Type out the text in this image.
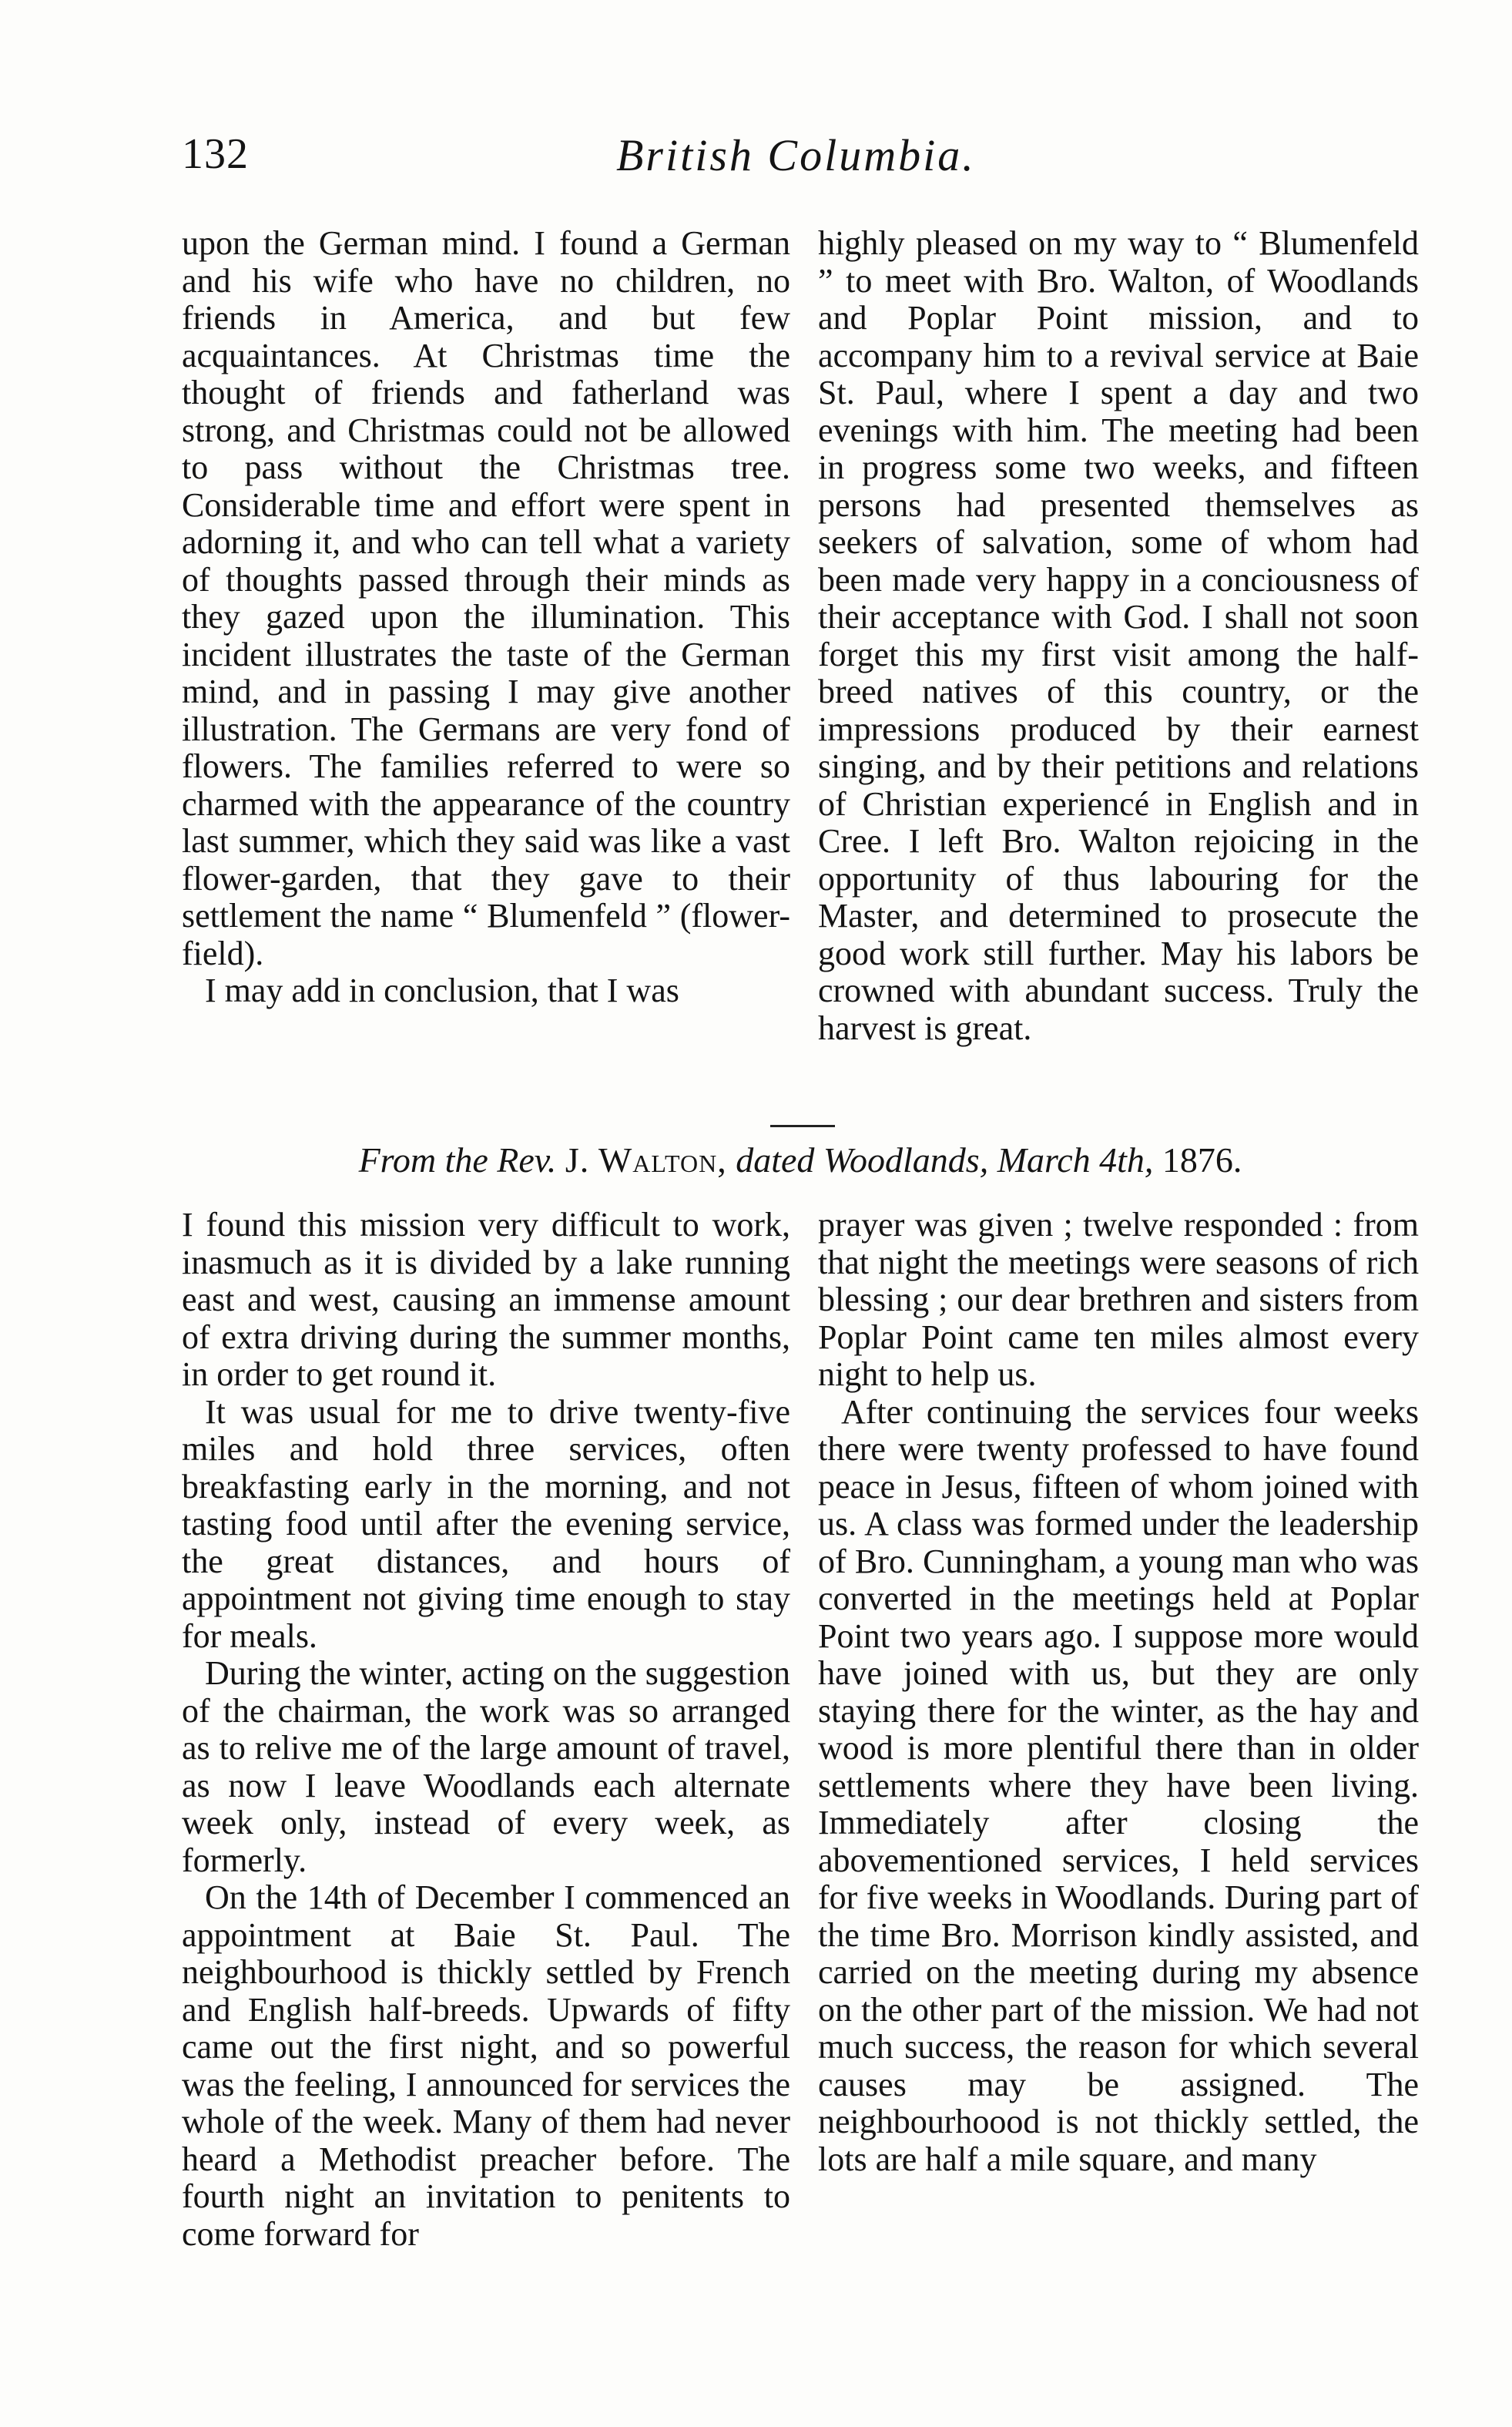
132	British Columbia.

upon the German mind. I found a German and his wife who have no children, no friends in America, and but few acquaintances. At Christmas time the thought of friends and fatherland was strong, and Christmas could not be allowed to pass without the Christmas tree. Considerable time and effort were spent in adorning it, and who can tell what a variety of thoughts passed through their minds as they gazed upon the illumination. This incident illustrates the taste of the German mind, and in passing I may give another illustration. The Germans are very fond of flowers. The families referred to were so charmed with the appearance of the country last summer, which they said was like a vast flower-garden, that they gave to their settlement the name “ Blumenfeld ” (flower-field).

I may add in conclusion, that I was

highly pleased on my way to “ Blumenfeld ” to meet with Bro. Walton, of Woodlands and Poplar Point mission, and to accompany him to a revival service at Baie St. Paul, where I spent a day and two evenings with him. The meeting had been in progress some two weeks, and fifteen persons had presented themselves as seekers of salvation, some of whom had been made very happy in a conciousness of their acceptance with God. I shall not soon forget this my first visit among the half-breed natives of this country, or the impressions produced by their earnest singing, and by their petitions and relations of Christian experiencé in English and in Cree. I left Bro. Walton rejoicing in the opportunity of thus labouring for the Master, and determined to prosecute the good work still further. May his labors be crowned with abundant success. Truly the harvest is great.

From the Rev. J. Walton, dated Woodlands, March 4th, 1876.

I found this mission very difficult to work, inasmuch as it is divided by a lake running east and west, causing an immense amount of extra driving during the summer months, in order to get round it.

It was usual for me to drive twenty-five miles and hold three services, often breakfasting early in the morning, and not tasting food until after the evening service, the great distances, and hours of appointment not giving time enough to stay for meals.

During the winter, acting on the suggestion of the chairman, the work was so arranged as to relive me of the large amount of travel, as now I leave Woodlands each alternate week only, instead of every week, as formerly.

On the 14th of December I commenced an appointment at Baie St. Paul. The neighbourhood is thickly settled by French and English half-breeds. Upwards of fifty came out the first night, and so powerful was the feeling, I announced for services the whole of the week. Many of them had never heard a Methodist preacher before. The fourth night an invitation to penitents to come forward for

prayer was given ; twelve responded : from that night the meetings were seasons of rich blessing ; our dear brethren and sisters from Poplar Point came ten miles almost every night to help us.

After continuing the services four weeks there were twenty professed to have found peace in Jesus, fifteen of whom joined with us. A class was formed under the leadership of Bro. Cunningham, a young man who was converted in the meetings held at Poplar Point two years ago. I suppose more would have joined with us, but they are only staying there for the winter, as the hay and wood is more plentiful there than in older settlements where they have been living. Immediately after closing the abovementioned services, I held services for five weeks in Woodlands. During part of the time Bro. Morrison kindly assisted, and carried on the meeting during my absence on the other part of the mission. We had not much success, the reason for which several causes may be assigned. The neighbourhoood is not thickly settled, the lots are half a mile square, and many
